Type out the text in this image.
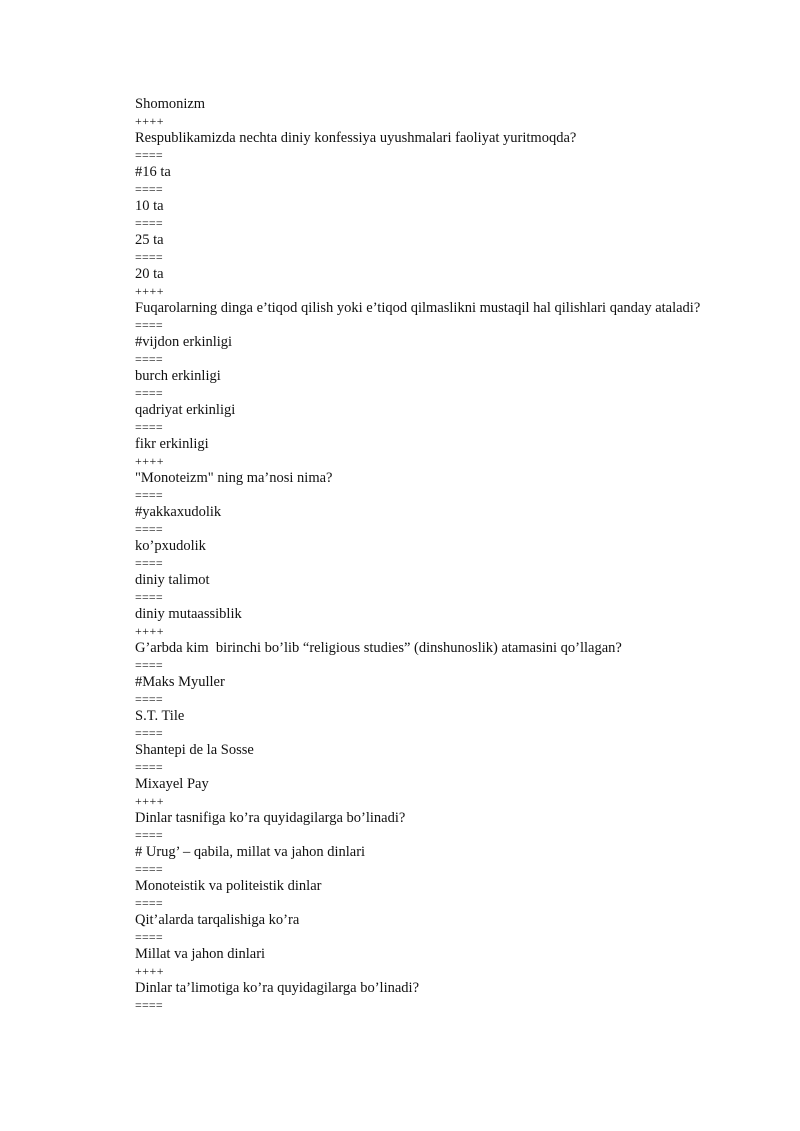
Shomonizm
++++
Respublikamizda nechta diniy konfessiya uyushmalari faoliyat yuritmoqda?
====
#16 ta
====
10 ta
====
25 ta
====
20 ta
++++
Fuqarolarning dinga e’tiqod qilish yoki e’tiqod qilmaslikni mustaqil hal qilishlari qanday ataladi?
====
#vijdon erkinligi
====
burch erkinligi
====
qadriyat erkinligi
====
fikr erkinligi
++++
"Monoteizm" ning ma’nosi nima?
====
#yakkaxudolik
====
ko’pxudolik
====
diniy talimot
====
diniy mutaassiblik
++++
G’arbda kim  birinchi bo’lib “religious studies” (dinshunoslik) atamasini qo’llagan?
====
#Maks Myuller
====
S.T. Tile
====
Shantepi de la Sosse
====
Mixayel Pay
++++
Dinlar tasnifiga ko’ra quyidagilarga bo’linadi?
====
# Urug’ – qabila, millat va jahon dinlari
====
Monoteistik va politeistik dinlar
====
Qit’alarda tarqalishiga ko’ra
====
Millat va jahon dinlari
++++
Dinlar ta’limotiga ko’ra quyidagilarga bo’linadi?
====
